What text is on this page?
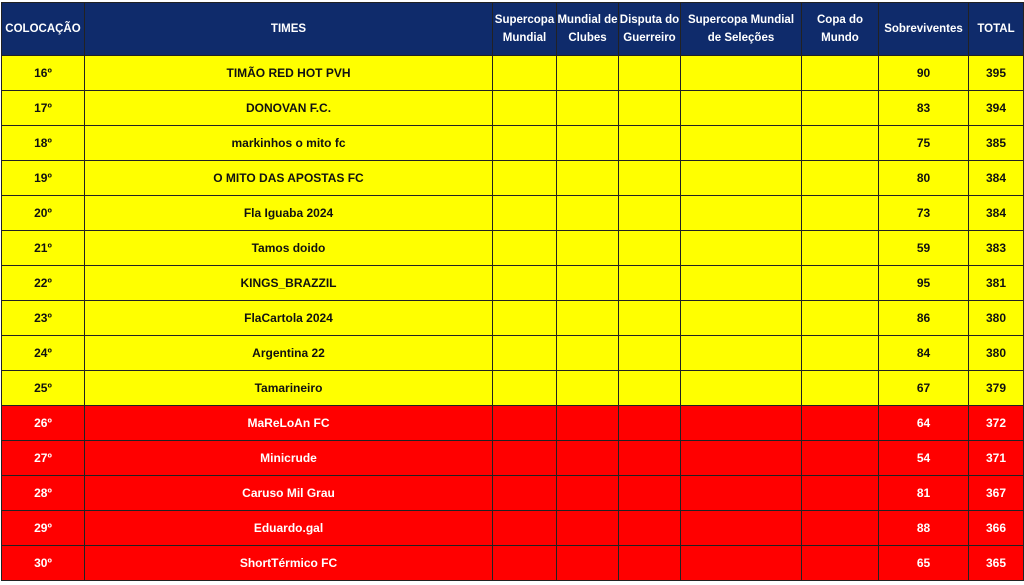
COLOCAÇÃO	TIMES	Supercopa Mundial	Mundial de Clubes	Disputa do Guerreiro	Supercopa Mundial de Seleções	Copa do Mundo	Sobreviventes	TOTAL
16º	TIMÃO RED HOT PVH						90	395
17º	DONOVAN F.C.						83	394
18º	markinhos o mito fc						75	385
19º	O MITO DAS APOSTAS FC						80	384
20º	Fla Iguaba 2024						73	384
21º	Tamos doido						59	383
22º	KINGS_BRAZZIL						95	381
23º	FlaCartola 2024						86	380
24º	Argentina 22						84	380
25º	Tamarineiro						67	379
26º	MaReLoAn FC						64	372
27º	Minicrude						54	371
28º	Caruso Mil Grau						81	367
29º	Eduardo.gal						88	366
30º	ShortTérmico FC						65	365
